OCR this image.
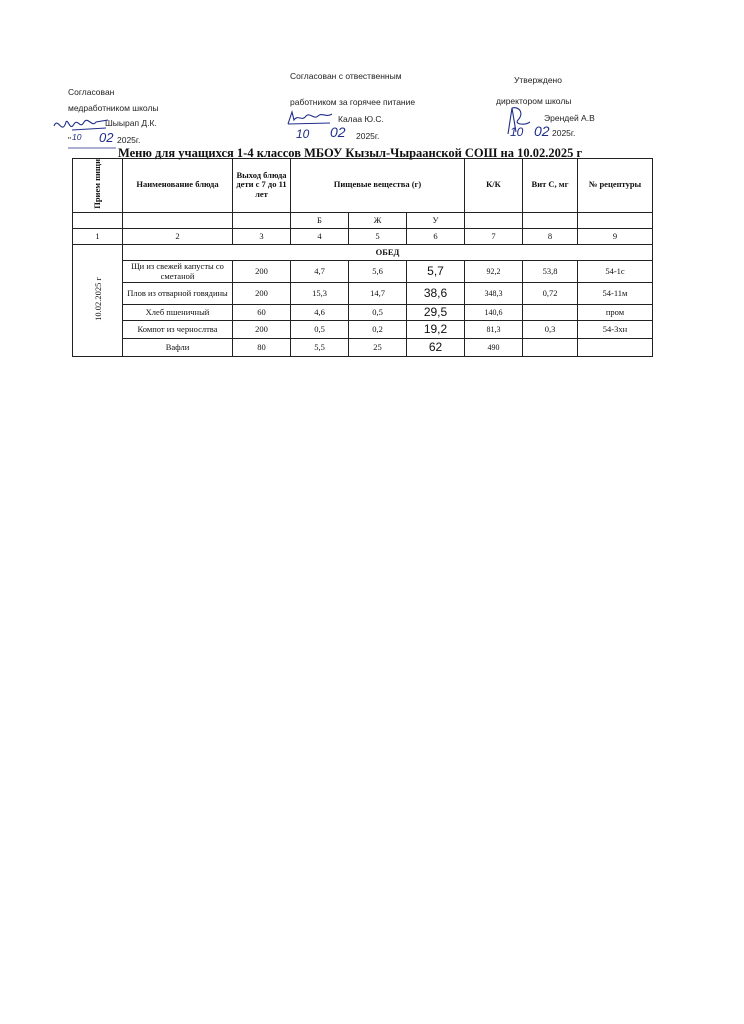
Согласован
медработником школы
Шыырап Д.К.
" 10 02 2025г.
Согласован с отвественным
работником за горячее питание
Калаа Ю.С.
10 02 2025г.
Утверждено
директором школы
Эрендей А.В
10 02 2025г.
Меню для учащихся 1-4 классов МБОУ Кызыл-Чыраанской СОШ на 10.02.2025 г
Прием пищи	Наименование блюда	Выход блюда дети с 7 до 11 лет	Пищевые вещества (г)			К/К	Вит С, мг	№ рецептуры
			Б	Ж	У			
1	2	3	4	5	6	7	8	9
10.02.2025 г	ОБЕД							
	Щи из свежей капусты со сметаной	200	4,7	5,6	5,7	92,2	53,8	54-1с
	Плов из отварной говядины	200	15,3	14,7	38,6	348,3	0,72	54-11м
	Хлеб пшеничный	60	4,6	0,5	29,5	140,6		пром
	Компот из чернослтва	200	0,5	0,2	19,2	81,3	0,3	54-3хн
	Вафли	80	5,5	25	62	490		
